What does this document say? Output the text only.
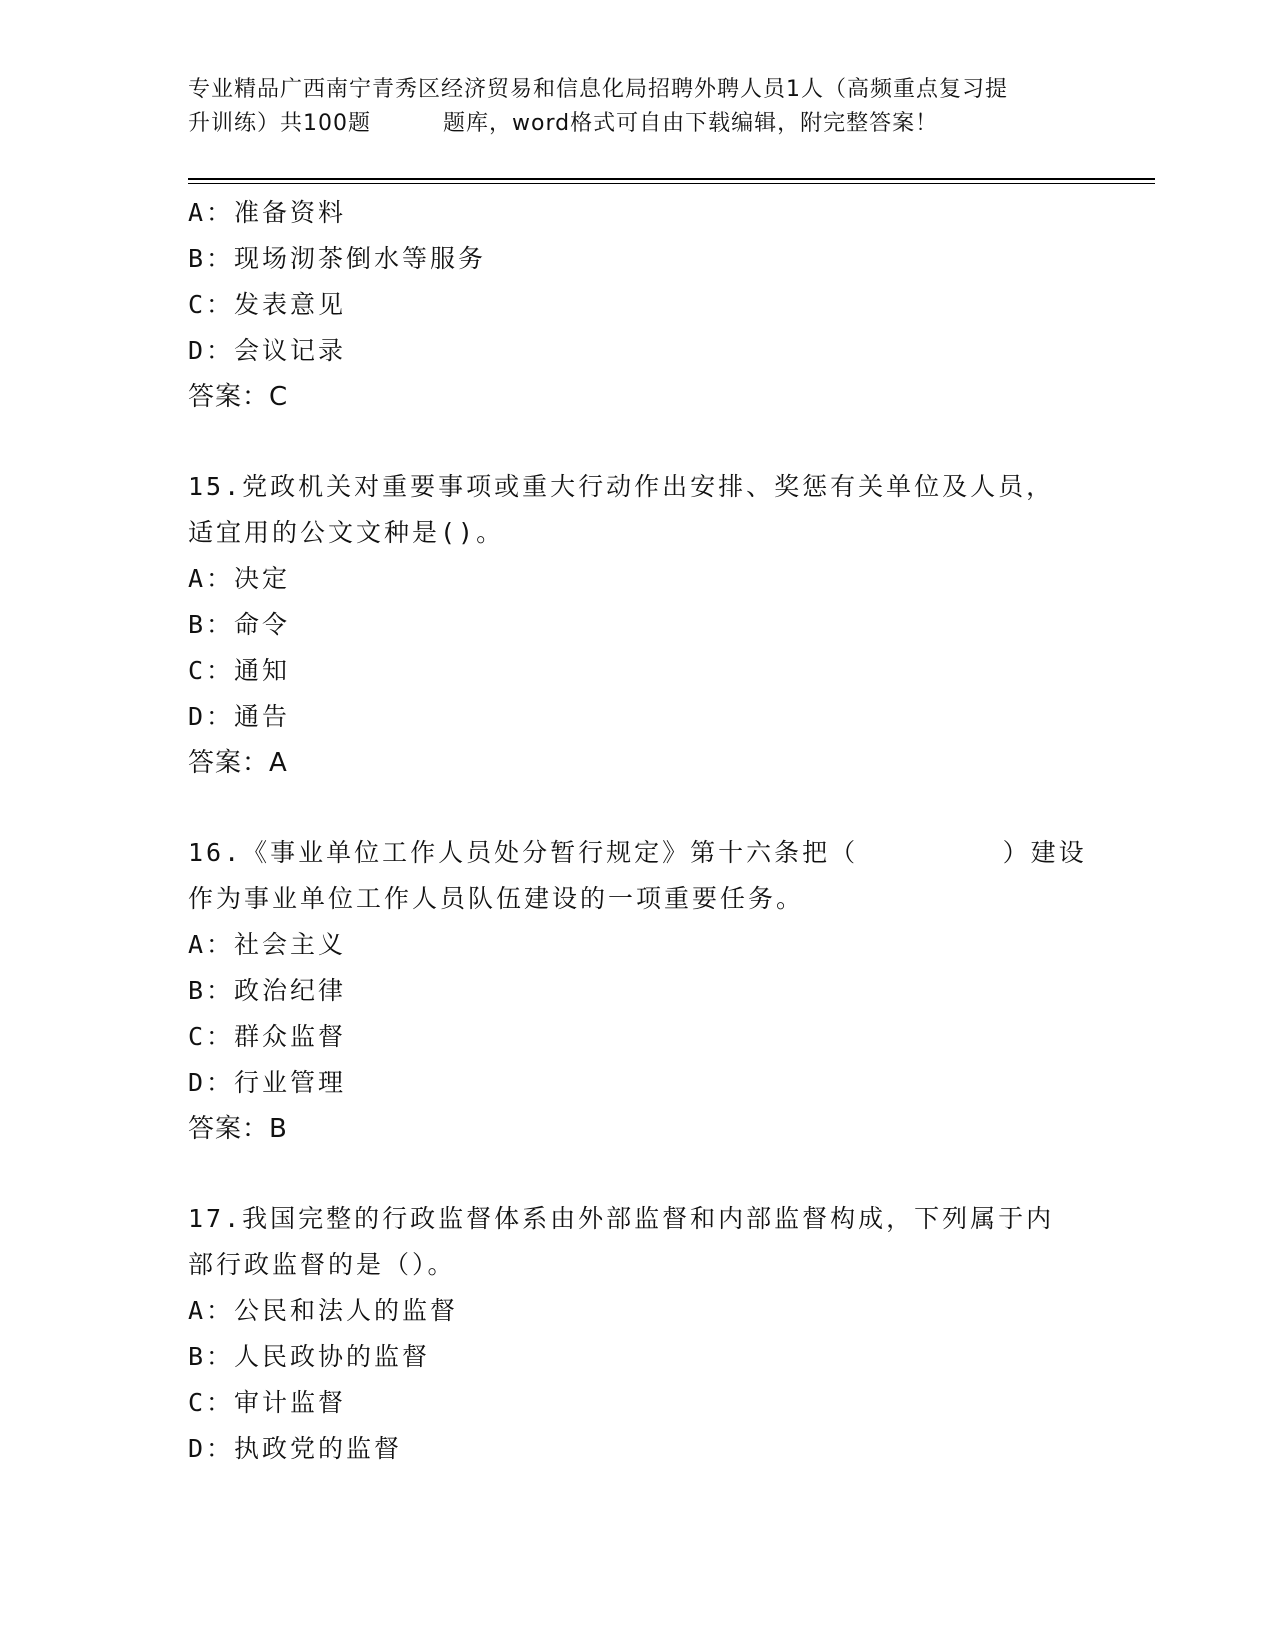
专业精品广西南宁青秀区经济贸易和信息化局招聘外聘人员1人（高频重点复习提
升训练）共100题	题库，word格式可自由下载编辑，附完整答案！
A：准备资料
B：现场沏茶倒水等服务
C：发表意见
D：会议记录
答案：C
15.党政机关对重要事项或重大行动作出安排、奖惩有关单位及人员，
适宜用的公文文种是()。
A：决定
B：命令
C：通知
D：通告
答案：A
16.《事业单位工作人员处分暂行规定》第十六条把（        ）建设
作为事业单位工作人员队伍建设的一项重要任务。
A：社会主义
B：政治纪律
C：群众监督
D：行业管理
答案：B
17.我国完整的行政监督体系由外部监督和内部监督构成，下列属于内
部行政监督的是（）。
A：公民和法人的监督
B：人民政协的监督
C：审计监督
D：执政党的监督
